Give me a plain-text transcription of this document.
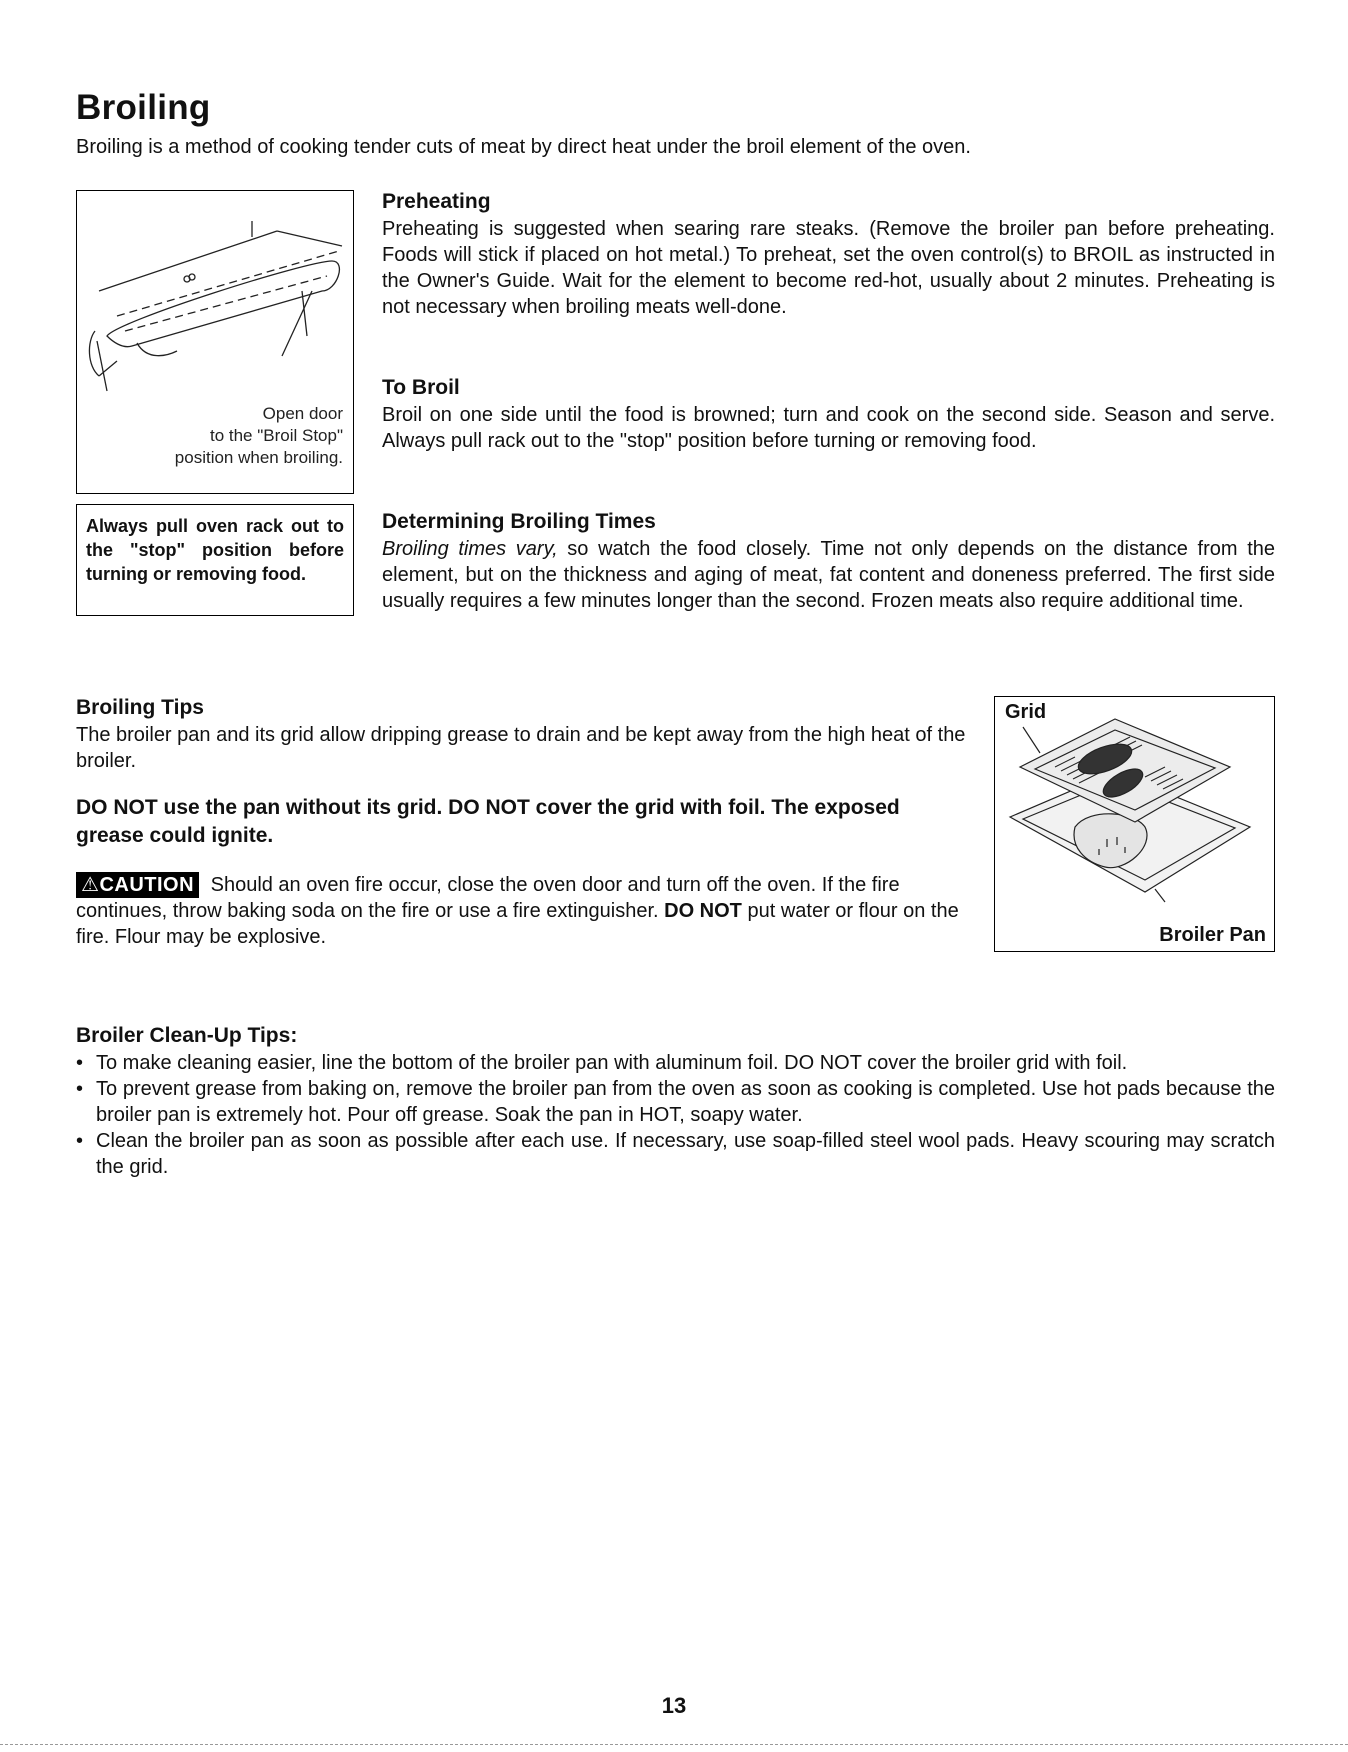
Broiling
Broiling is a method of cooking tender cuts of meat by direct heat under the broil element of the oven.
Open door
to the "Broil Stop"
position when broiling.
Always pull oven rack out to the "stop" position before turning or removing food.
Preheating

Preheating is suggested when searing rare steaks. (Remove the broiler pan before preheating. Foods will stick if placed on hot metal.) To preheat, set the oven control(s) to BROIL as instructed in the Owner's Guide. Wait for the element to become red-hot, usually about 2 minutes. Preheating is not necessary when broiling meats well-done.

To Broil

Broil on one side until the food is browned; turn and cook on the second side. Season and serve. Always pull rack out to the "stop" position before turning or removing food.

Determining Broiling Times

Broiling times vary, so watch the food closely. Time not only depends on the distance from the element, but on the thickness and aging of meat, fat content and doneness preferred. The first side usually requires a few minutes longer than the second. Frozen meats also require additional time.

Broiling Tips

The broiler pan and its grid allow dripping grease to drain and be kept away from the high heat of the broiler.

DO NOT use the pan without its grid. DO NOT cover the grid with foil. The exposed grease could ignite.

⚠CAUTION Should an oven fire occur, close the oven door and turn off the oven. If the fire continues, throw baking soda on the fire or use a fire extinguisher. DO NOT put water or flour on the fire. Flour may be explosive.

Grid
Broiler Pan
Broiler Clean-Up Tips:
• To make cleaning easier, line the bottom of the broiler pan with aluminum foil. DO NOT cover the broiler grid with foil.
• To prevent grease from baking on, remove the broiler pan from the oven as soon as cooking is completed. Use hot pads because the broiler pan is extremely hot. Pour off grease. Soak the pan in HOT, soapy water.
• Clean the broiler pan as soon as possible after each use. If necessary, use soap-filled steel wool pads. Heavy scouring may scratch the grid.
13
